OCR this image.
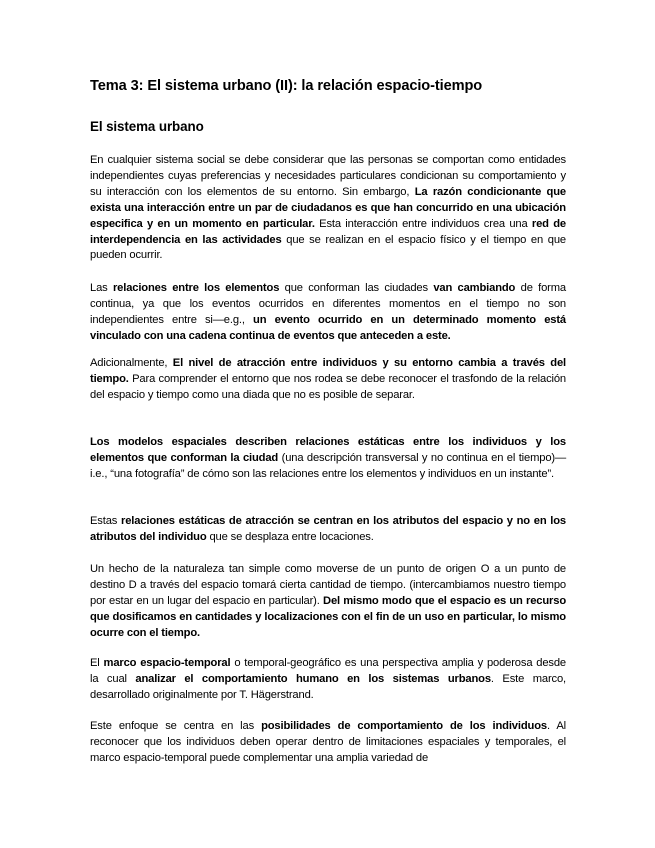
Tema 3: El sistema urbano (II): la relación espacio-tiempo
El sistema urbano

En cualquier sistema social se debe considerar que las personas se comportan como entidades independientes cuyas preferencias y necesidades particulares condicionan su comportamiento y su interacción con los elementos de su entorno. Sin embargo, La razón condicionante que exista una interacción entre un par de ciudadanos es que han concurrido en una ubicación especifica y en un momento en particular. Esta interacción entre individuos crea una red de interdependencia en las actividades que se realizan en el espacio físico y el tiempo en que pueden ocurrir.

Las relaciones entre los elementos que conforman las ciudades van cambiando de forma continua, ya que los eventos ocurridos en diferentes momentos en el tiempo no son independientes entre si—e.g., un evento ocurrido en un determinado momento está vinculado con una cadena continua de eventos que anteceden a este.

Adicionalmente, El nivel de atracción entre individuos y su entorno cambia a través del tiempo. Para comprender el entorno que nos rodea se debe reconocer el trasfondo de la relación del espacio y tiempo como una diada que no es posible de separar.

Los modelos espaciales describen relaciones estáticas entre los individuos y los elementos que conforman la ciudad (una descripción transversal y no continua en el tiempo)—i.e., “una fotografía” de cómo son las relaciones entre los elementos y individuos en un instante”.

Estas relaciones estáticas de atracción se centran en los atributos del espacio y no en los atributos del individuo que se desplaza entre locaciones.

Un hecho de la naturaleza tan simple como moverse de un punto de origen O a un punto de destino D a través del espacio tomará cierta cantidad de tiempo. (intercambiamos nuestro tiempo por estar en un lugar del espacio en particular). Del mismo modo que el espacio es un recurso que dosificamos en cantidades y localizaciones con el fin de un uso en particular, lo mismo ocurre con el tiempo.

El marco espacio-temporal o temporal-geográfico es una perspectiva amplia y poderosa desde la cual analizar el comportamiento humano en los sistemas urbanos. Este marco, desarrollado originalmente por T. Hägerstrand.

Este enfoque se centra en las posibilidades de comportamiento de los individuos. Al reconocer que los individuos deben operar dentro de limitaciones espaciales y temporales, el marco espacio-temporal puede complementar una amplia variedad de
